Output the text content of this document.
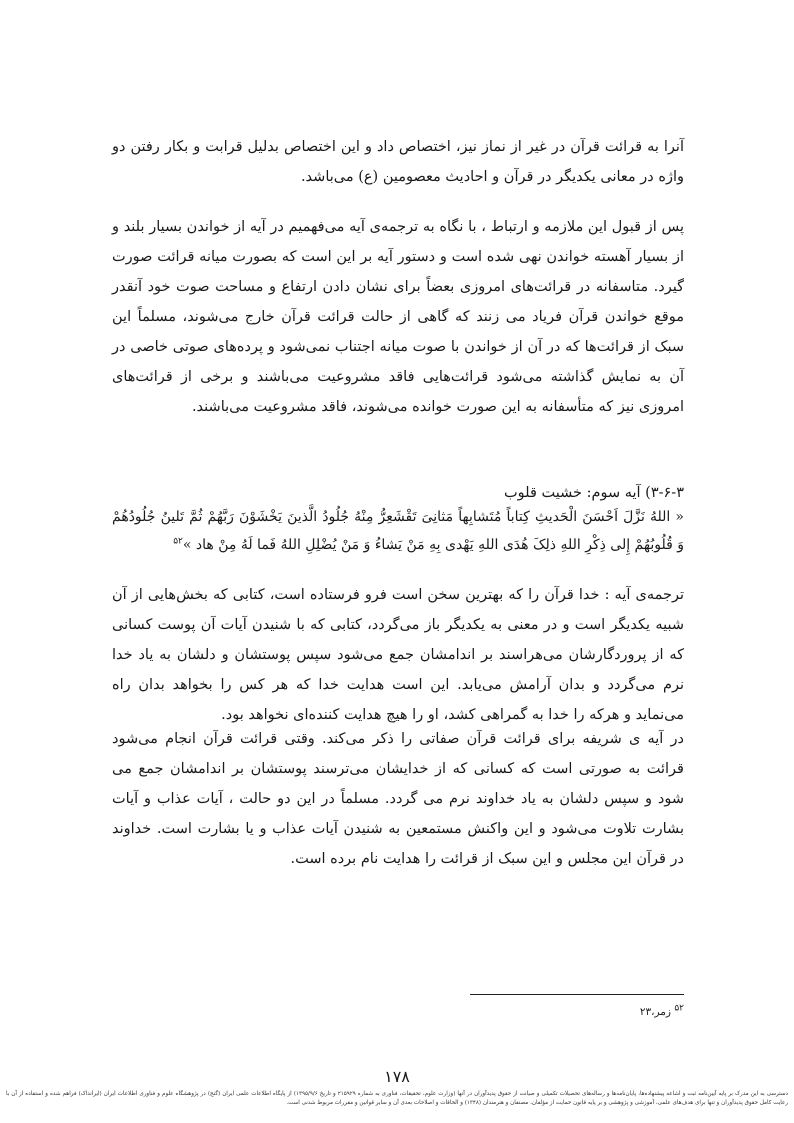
آنرا به قرائت قرآن در غیر از نماز نیز، اختصاص داد و این اختصاص بدلیل قرابت و بکار رفتن دو واژه در معانی یکدیگر در قرآن و احادیث معصومین (ع) می‌باشد.

پس از قبول این ملازمه و ارتباط ، با نگاه به ترجمه‌ی آیه می‌فهمیم در آیه از خواندن بسیار بلند و از بسیار آهسته خواندن نهی شده است و دستور آیه بر این است که بصورت میانه قرائت صورت گیرد. متاسفانه در قرائت‌های امروزی بعضاً برای نشان دادن ارتفاع و مساحت صوت خود آنقدر موقع خواندن قرآن فریاد می زنند که گاهی از حالت قرائت قرآن خارج می‌شوند، مسلماً این سبک از قرائت‌ها که در آن از خواندن با صوت میانه اجتناب نمی‌شود و پرده‌های صوتی خاصی در آن به نمایش گذاشته می‌شود قرائت‌هایی فاقد مشروعیت می‌باشند و برخی از قرائت‌های امروزی نیز که متأسفانه به این صورت خوانده می‌شوند، فاقد مشروعیت می‌باشند.

۳-۶-۳) آیه سوم: خشیت قلوب

« اللهُ نَزَّلَ اَحْسَنَ الْحَدیثِ کِتاباً مُتَشابِهاً مَثانِیَ تَقْشَعِرُّ مِنْهُ جُلُودُ الَّذینَ یَخْشَوْنَ رَبَّهُمْ ثُمَّ تَلینُ جُلُودُهُمْ وَ قُلُوبُهُمْ إِلی ذِکْرِ اللهِ ذلِکَ هُدَی اللهِ یَهْدی بِهِ مَنْ یَشاءُ وَ مَنْ یُضْلِلِ اللهُ فَما لَهُ مِنْ هاد »$^{۵۲}$

ترجمه‌ی آیه : خدا قرآن را که بهترین سخن است فرو فرستاده است، کتابی که بخش‌هایی از آن شبیه یکدیگر است و در معنی به یکدیگر باز می‌گردد، کتابی که با شنیدن آیات آن پوست کسانی که از پروردگارشان می‌هراسند بر اندامشان جمع می‌شود سپس پوستشان و دلشان به یاد خدا نرم می‌گردد و بدان آرامش می‌یابد. این است هدایت خدا که هر کس را بخواهد بدان راه می‌نماید و هرکه را خدا به گمراهی کشد، او را هیچ هدایت کننده‌ای نخواهد بود.

در آیه ی شریفه برای قرائت قرآن صفاتی را ذکر می‌کند. وقتی قرائت قرآن انجام می‌شود قرائت به صورتی است که کسانی که از خدایشان می‌ترسند پوستشان بر اندامشان جمع می شود و سپس دلشان به یاد خداوند نرم می گردد. مسلماً در این دو حالت ، آیات عذاب و آیات بشارت تلاوت می‌شود و این واکنش مستمعین به شنیدن آیات عذاب و یا بشارت است. خداوند در قرآن این مجلس و این سبک از قرائت را هدایت نام برده است.

۵۲ زمر،۲۳
۱۷۸
دسترسی به این مدرک بر پایه آیین‌نامه ثبت و اشاعه پیشنهاده‌ها، پایان‌نامه‌ها و رساله‌های تحصیلات تکمیلی و صیانت از حقوق پدیدآوران در آنها (وزارت علوم، تحقیقات، فناوری به شماره ۲۱۵۹۲۹ و تاریخ ۱۳۹۵/۹/۶) از پایگاه اطلاعات علمی ایران (گنج) در پژوهشگاه علوم و فناوری اطلاعات ایران (ایرانداک) فراهم شده و استفاده از آن با رعایت کامل حقوق پدیدآوران و تنها برای هدف‌های علمی، آموزشی و پژوهشی و بر پایه قانون حمایت از مؤلفان، مصنفان و هنرمندان (۱۳۴۸) و الحاقات و اصلاحات بعدی آن و سایر قوانین و مقررات مربوط شدنی است.
